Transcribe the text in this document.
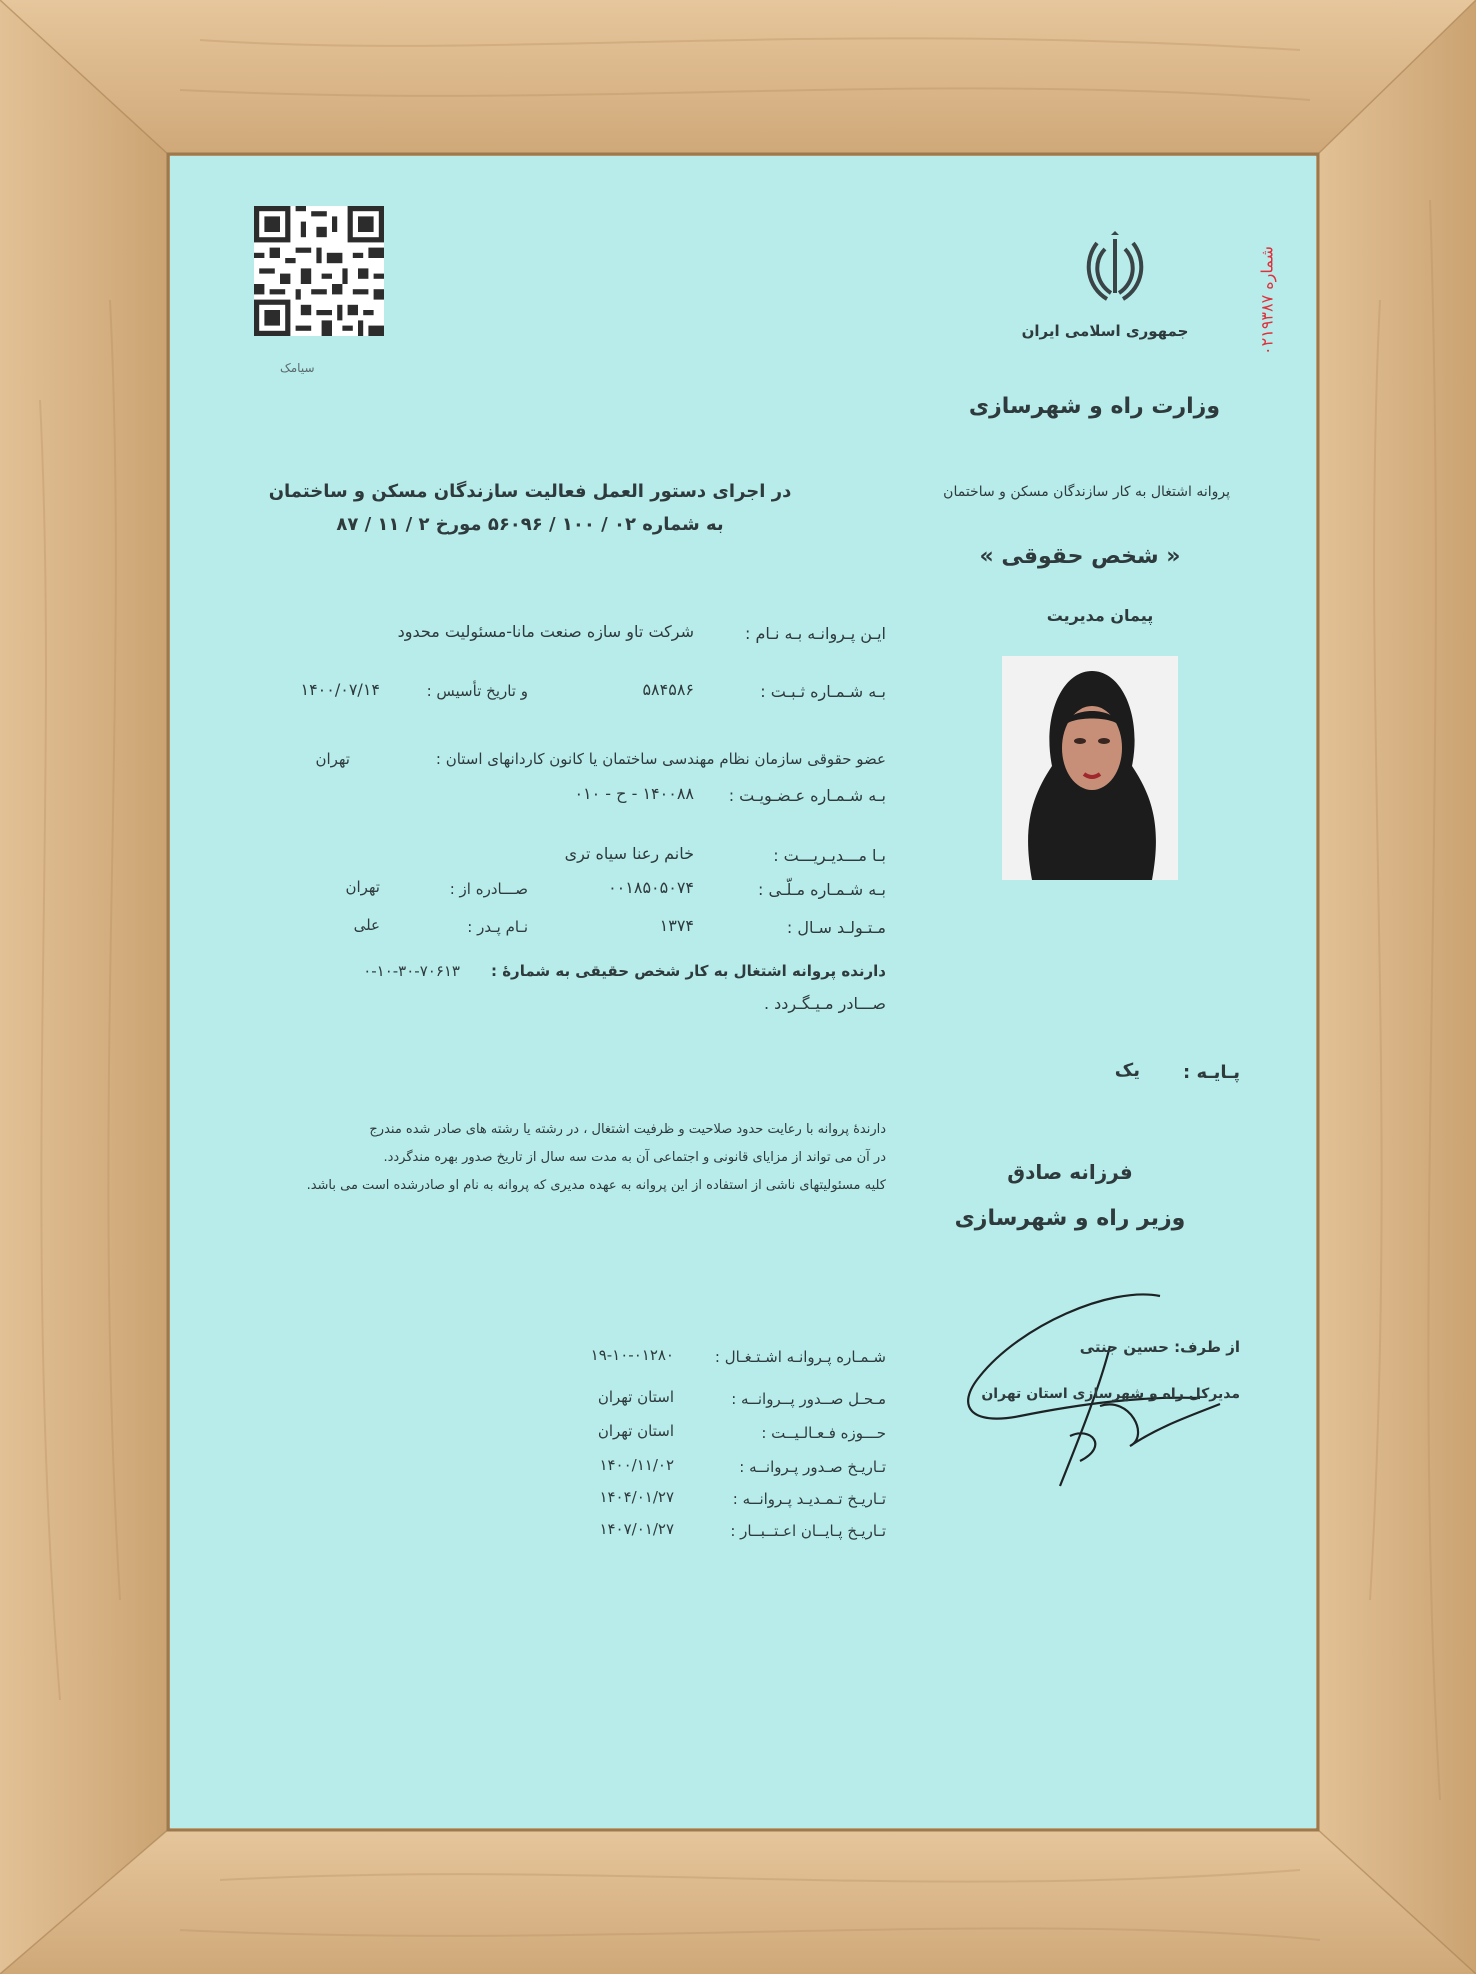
سیامک
جمهوری اسلامی ایران	شماره ۰۲۱۹۳۸۷
وزارت راه و شهرسازی
پروانه اشتغال به کار سازندگان مسکن و ساختمان
« شخص حقوقی »
پیمان مدیریت
در اجرای دستور العمل فعالیت سازندگان مسکن و ساختمان
به شماره ۰۲ / ۱۰۰ / ۵۶۰۹۶ مورخ ۲ / ۱۱ / ۸۷
ایـن پـروانـه بـه نـام :
شرکت تاو سازه صنعت مانا-مسئولیت محدود
بـه شـمـاره ثـبـت :
۵۸۴۵۸۶
و تاریخ تأسیس :
۱۴۰۰/۰۷/۱۴
عضو حقوقی سازمان نظام مهندسی ساختمان یا کانون کاردانهای استان :
تهران
بـه شـمـاره عـضـویـت :
۱۴۰۰۸۸ - ح - ۰۱۰
بـا مـــدیـریـــت :
خانم رعنا سیاه تری
بـه شـمـاره مـلّـی :
۰۰۱۸۵۰۵۰۷۴
صـــادره از :
تهران
مـتـولـد سـال :
۱۳۷۴
نـام پـدر :
علی
دارنده پروانه اشتغال به کار شخص حقیقی به شمارهٔ :
۰-۱۰-۳۰-۷۰۶۱۳
صـــادر مـیـگـردد .
دارندهٔ پروانه با رعایت حدود صلاحیت و ظرفیت اشتغال ، در رشته یا رشته های صادر شده مندرج
در آن می تواند از مزایای قانونی و اجتماعی آن به مدت سه سال از تاریخ صدور بهره مندگردد.
کلیه مسئولیتهای ناشی از استفاده از این پروانه به عهده مدیری که پروانه به نام او صادرشده است می باشد.
پـایـه :
یک
فرزانه صادق
وزیر راه و شهرسازی
شـمـاره پـروانـه اشـتـغـال :
۱۹-۱۰-۰۱۲۸۰
مـحـل صــدور پــروانــه :
استان تهران
حـــوزه فـعـالـیــت :
استان تهران
تـاریـخ صـدور پـروانــه :
۱۴۰۰/۱۱/۰۲
تـاریـخ تـمـدیـد پـروانــه :
۱۴۰۴/۰۱/۲۷
تـاریـخ پـایــان اعـتــبــار :
۱۴۰۷/۰۱/۲۷
از طرف: حسین جنتی
مدیرکل راه و شهرسازی استان تهران
